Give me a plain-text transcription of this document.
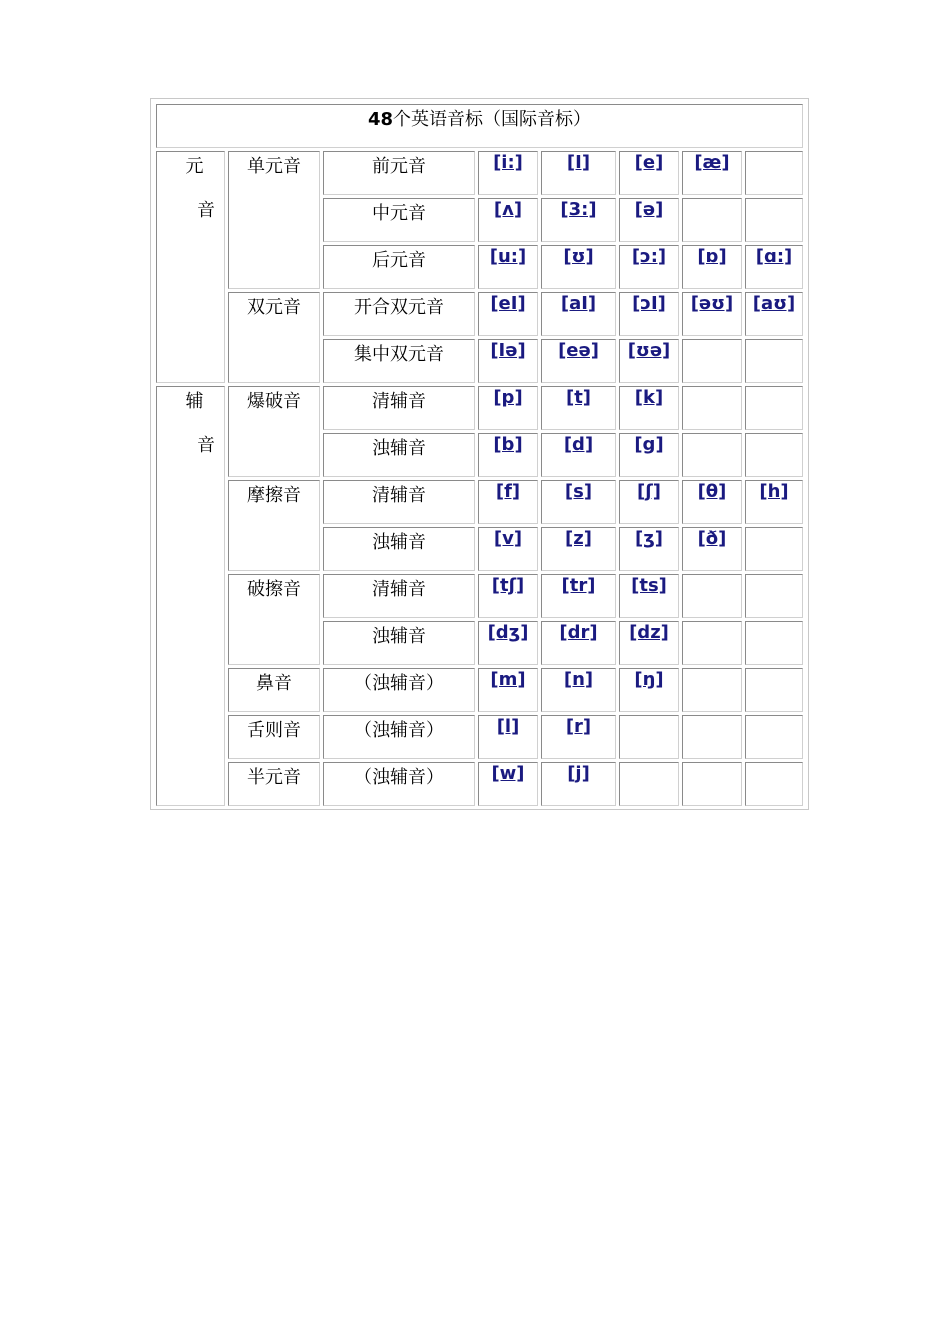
48个英语音标（国际音标）							

元
音	单元音	前元音	[i:]	[I]	[e]	[æ]	
		中元音	[ʌ]	[3:]	[ə]		
		后元音	[u:]	[ʊ]	[ɔ:]	[ɒ]	[ɑ:]
	双元音	开合双元音	[eI]	[aI]	[ɔI]	[əʊ]	[aʊ]
		集中双元音	[Iə]	[eə]	[ʊə]		

辅
音	爆破音	清辅音	[p]	[t]	[k]		
		浊辅音	[b]	[d]	[g]		
	摩擦音	清辅音	[f]	[s]	[ʃ]	[θ]	[h]
		浊辅音	[v]	[z]	[ʒ]	[ð]	
	破擦音	清辅音	[tʃ]	[tr]	[ts]		
		浊辅音	[dʒ]	[dr]	[dz]		
	鼻音	（浊辅音）	[m]	[n]	[ŋ]		
	舌则音	（浊辅音）	[l]	[r]			
	半元音	（浊辅音）	[w]	[j]			
